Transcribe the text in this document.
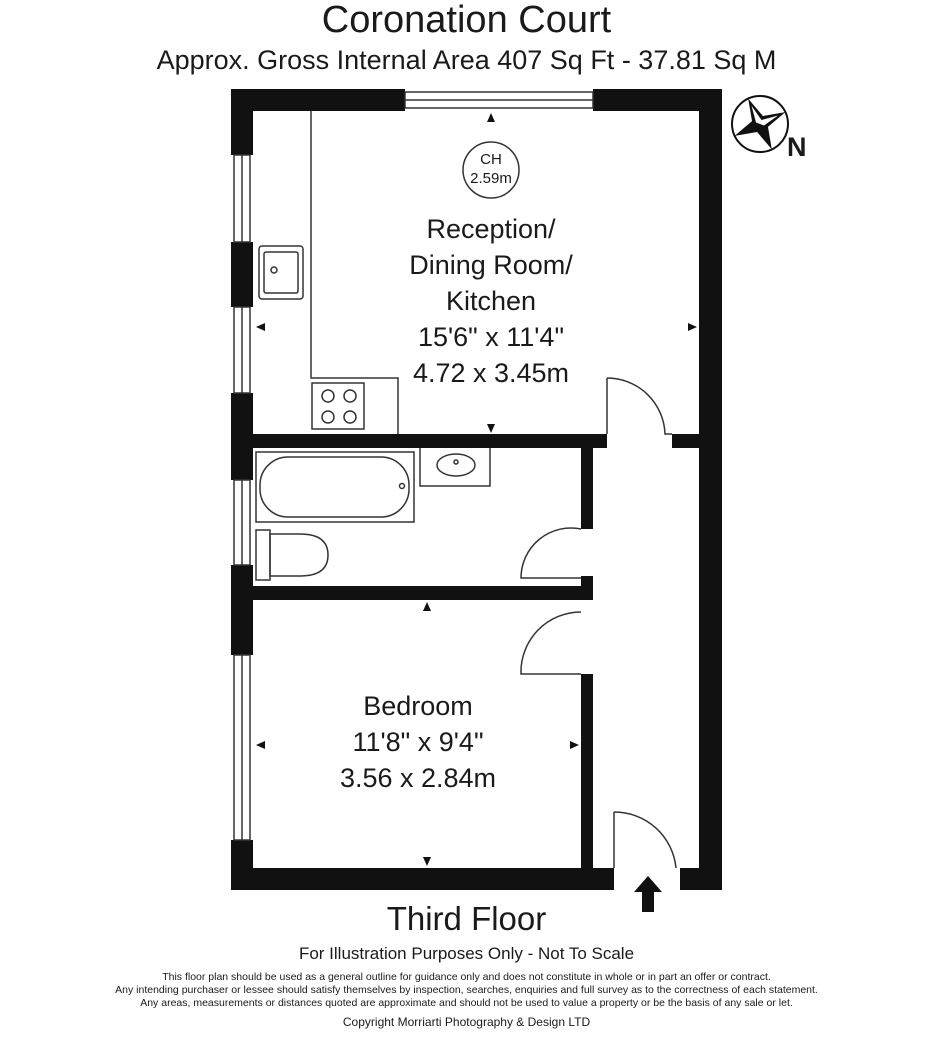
Coronation Court
Approx. Gross Internal Area 407 Sq Ft - 37.81 Sq M
N
CH
2.59m
Reception/
Dining Room/
Kitchen
15'6" x 11'4"
4.72 x 3.45m
Bedroom
11'8" x 9'4"
3.56 x 2.84m
Third Floor
For Illustration Purposes Only - Not To Scale
This floor plan should be used as a general outline for guidance only and does not constitute in whole or in part an offer or contract.
Any intending purchaser or lessee should satisfy themselves by inspection, searches, enquiries and full survey as to the correctness of each statement.
Any areas, measurements or distances quoted are approximate and should not be used to value a property or be the basis of any sale or let.
Copyright Morriarti Photography & Design LTD
